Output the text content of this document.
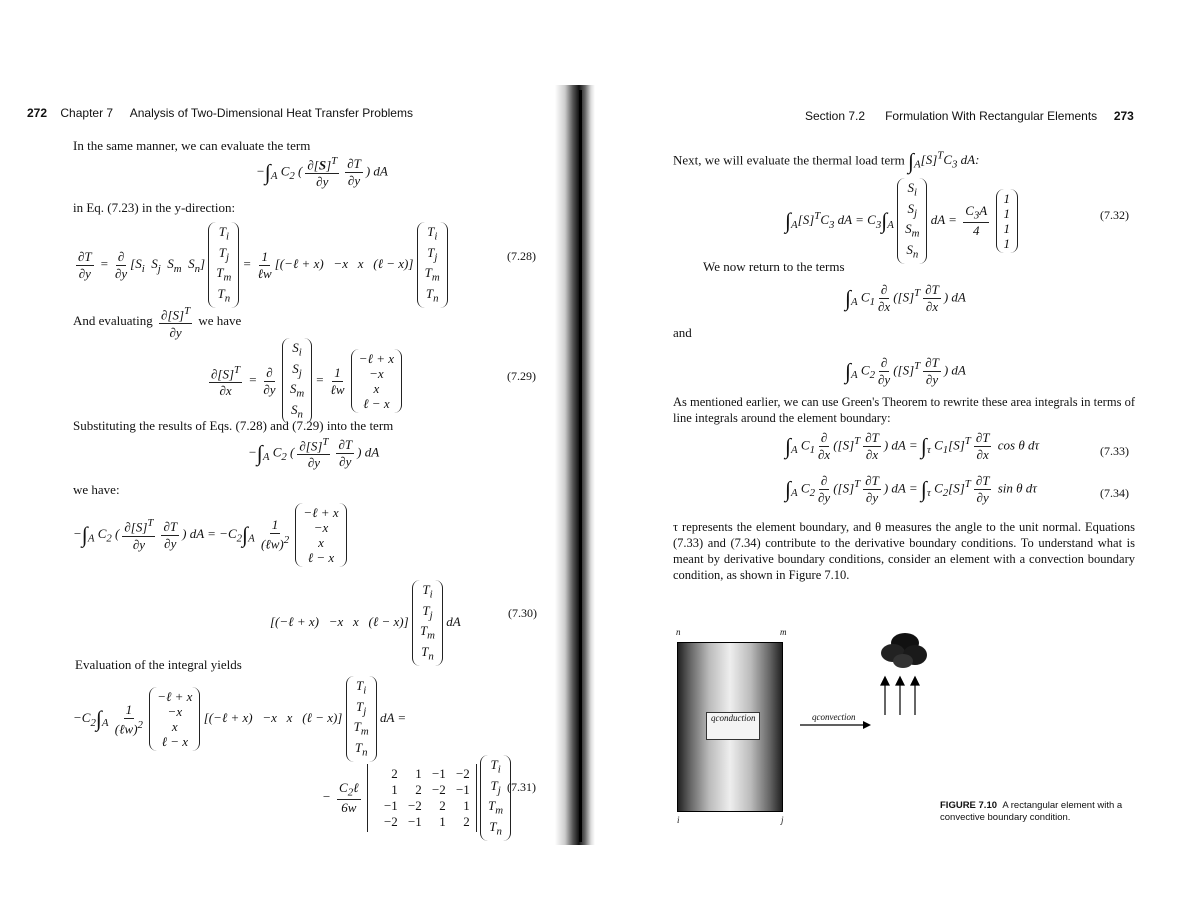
272 Chapter 7 Analysis of Two-Dimensional Heat Transfer Problems
In the same manner, we can evaluate the term
$-\int_A$ $C_2$ ( $\frac{\partial[S]^T}{\partial y} \frac{\partial T}{\partial y}$ ) dA
in Eq. (7.23) in the y-direction:
$\frac{\partial T}{\partial y} = \frac{\partial}{\partial y} [S_i$  $S_j$  $S_m$  $S_n$]
$T_i$
$T_j$
$T_m$
$T_n$
= $\frac{1}{\text{ℓw}}$ [(−ℓ + x)   −x   x   (ℓ − x)]
$T_i$
$T_j$
$T_m$
$T_n$
(7.28)
And evaluating $\frac{\partial[S]^T}{\partial y}$ we have
$\frac{\partial[S]^T}{\partial x} = \frac{\partial}{\partial y}$

$S_i$
$S_j$
$S_m$
$S_n$
= $\frac{1}{\text{ℓw}}$

−ℓ + x
−x
x
ℓ − x
(7.29)
Substituting the results of Eqs. (7.28) and (7.29) into the term
$-\int_A$ $C_2$ ( $\frac{\partial[S]^T}{\partial y} \frac{\partial T}{\partial y}$ ) dA
we have:
$-\int_A$ $C_2$ ( $\frac{\partial[S]^T}{\partial y} \frac{\partial T}{\partial y}$ ) dA = $-C_2\int_A \frac{1}{(\ell w)^2}$

−ℓ + x
−x
x
ℓ − x
[(−ℓ + x)   −x   x   (ℓ − x)]
$T_i$
$T_j$
$T_m$
$T_n$
dA
(7.30)
Evaluation of the integral yields
$-C_2\int_A \frac{1}{(\ell w)^2}$

−ℓ + x
−x
x
ℓ − x
[(−ℓ + x)   −x   x   (ℓ − x)]
$T_i$
$T_j$
$T_m$
$T_n$
dA =
− $\frac{C_2\ell}{6w}$

2	1 −1 −2
1	2 −2 −1
−1 −2	2	1
−2 −1	1	2

$T_i$
$T_j$
$T_m$
$T_n$
(7.31)
Section 7.2 Formulation With Rectangular Elements 273
Next, we will evaluate the thermal load term $\int_A[S]^TC_3$ dA:
$\int_A[S]^TC_3$ dA = $C_3\int_A$
$S_i$
$S_j$
$S_m$
$S_n$
dA = $\frac{C_3A}{4}$

1
1
1
1
(7.32)
We now return to the terms
$\int_A$ $C_1 \frac{\partial}{\partial x} ([S]^T \frac{\partial T}{\partial x}$ ) dA
and
$\int_A$ $C_2 \frac{\partial}{\partial y} ([S]^T \frac{\partial T}{\partial y}$ ) dA
As mentioned earlier, we can use Green's Theorem to rewrite these area integrals in terms of line integrals around the element boundary:
$\int_A$ $C_1 \frac{\partial}{\partial x} ([S]^T \frac{\partial T}{\partial x}$ ) dA = $\int_\tau$ $C_1[S]^T \frac{\partial T}{\partial x}$ cos θ dτ	(7.33)
$\int_A$ $C_2 \frac{\partial}{\partial y} ([S]^T \frac{\partial T}{\partial y}$ ) dA = $\int_\tau$ $C_2[S]^T \frac{\partial T}{\partial y}$ sin θ dτ	(7.34)
τ represents the element boundary, and θ measures the angle to the unit normal. Equations (7.33) and (7.34) contribute to the derivative boundary conditions. To understand what is meant by derivative boundary conditions, consider an element with a convection boundary condition, as shown in Figure 7.10.
n	m
qconduction
i	j
qconvection
FIGURE 7.10 A rectangular element with a convective boundary condition.
